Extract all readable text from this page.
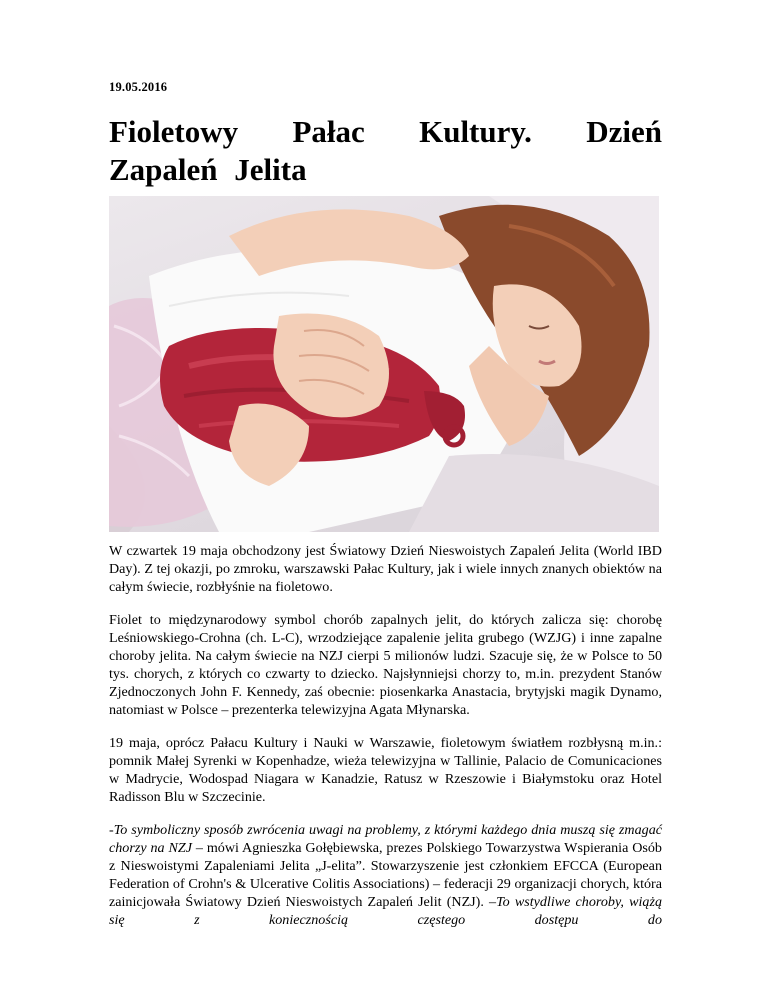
19.05.2016
Fioletowy Pałac Kultury. Dzień Zapaleń Jelita

W czwartek 19 maja obchodzony jest Światowy Dzień Nieswoistych Zapaleń Jelita (World IBD Day). Z tej okazji, po zmroku, warszawski Pałac Kultury, jak i wiele innych znanych obiektów na całym świecie, rozbłyśnie na fioletowo.

Fiolet to międzynarodowy symbol chorób zapalnych jelit, do których zalicza się: chorobę Leśniowskiego-Crohna (ch. L-C), wrzodziejące zapalenie jelita grubego (WZJG) i inne zapalne choroby jelita. Na całym świecie na NZJ cierpi 5 milionów ludzi. Szacuje się, że w Polsce to 50 tys. chorych, z których co czwarty to dziecko. Najsłynniejsi chorzy to, m.in. prezydent Stanów Zjednoczonych John F. Kennedy, zaś obecnie: piosenkarka Anastacia, brytyjski magik Dynamo, natomiast w Polsce – prezenterka telewizyjna Agata Młynarska.

19 maja, oprócz Pałacu Kultury i Nauki w Warszawie, fioletowym światłem rozbłysną m.in.: pomnik Małej Syrenki w Kopenhadze, wieża telewizyjna w Tallinie, Palacio de Comunicaciones w Madrycie, Wodospad Niagara w Kanadzie, Ratusz w Rzeszowie i Białymstoku oraz Hotel Radisson Blu w Szczecinie.

-To symboliczny sposób zwrócenia uwagi na problemy, z którymi każdego dnia muszą się zmagać chorzy na NZJ – mówi Agnieszka Gołębiewska, prezes Polskiego Towarzystwa Wspierania Osób z Nieswoistymi Zapaleniami Jelita „J-elita”. Stowarzyszenie jest członkiem EFCCA (European Federation of Crohn's & Ulcerative Colitis Associations) – federacji 29 organizacji chorych, która zainicjowała Światowy Dzień Nieswoistych Zapaleń Jelit (NZJ). –To wstydliwe choroby, wiążą się z koniecznością częstego dostępu do
